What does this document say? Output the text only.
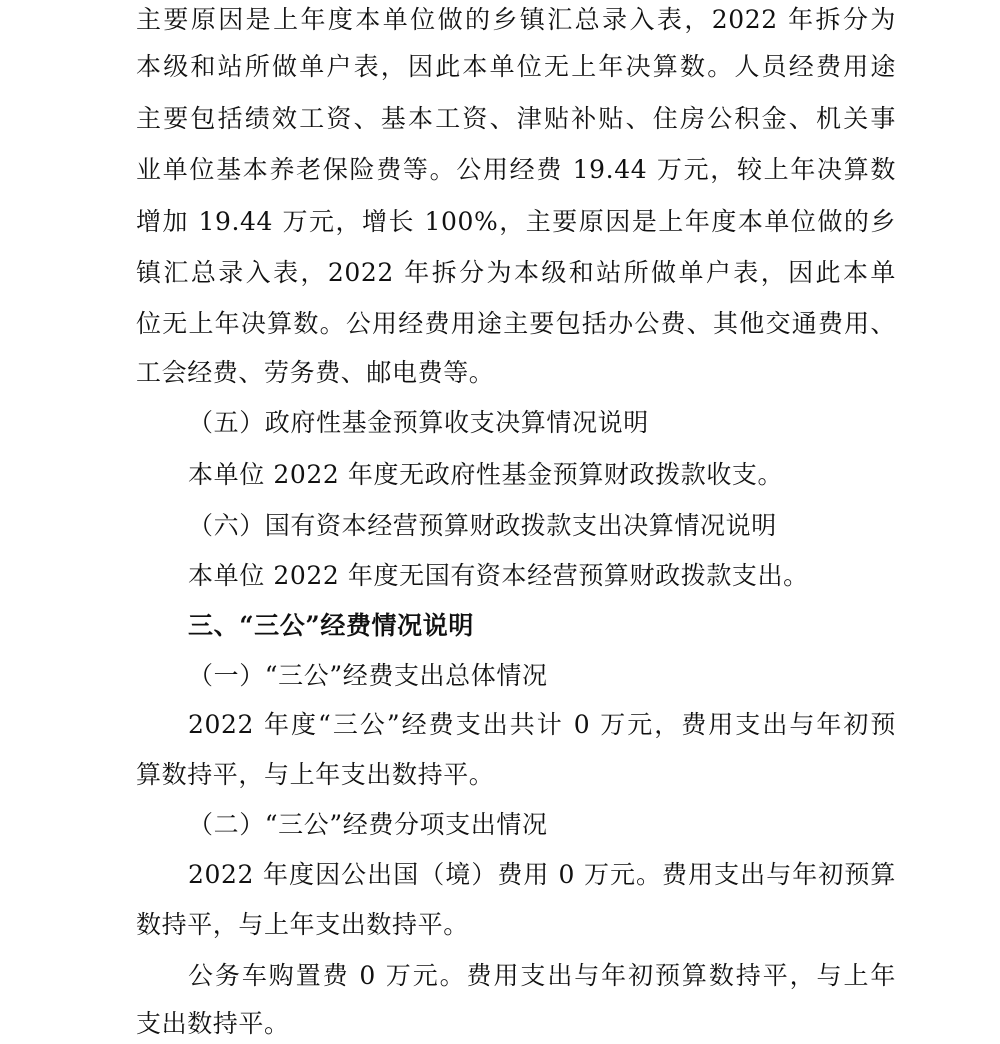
主要原因是上年度本单位做的乡镇汇总录入表，2022 年拆分为
本级和站所做单户表，因此本单位无上年决算数。人员经费用途
主要包括绩效工资、基本工资、津贴补贴、住房公积金、机关事
业单位基本养老保险费等。公用经费 19.44 万元，较上年决算数
增加 19.44 万元，增长 100%，主要原因是上年度本单位做的乡
镇汇总录入表，2022 年拆分为本级和站所做单户表，因此本单
位无上年决算数。公用经费用途主要包括办公费、其他交通费用、
工会经费、劳务费、邮电费等。
（五）政府性基金预算收支决算情况说明
本单位 2022 年度无政府性基金预算财政拨款收支。
（六）国有资本经营预算财政拨款支出决算情况说明
本单位 2022 年度无国有资本经营预算财政拨款支出。
三、“三公”经费情况说明
（一）“三公”经费支出总体情况
2022 年度“三公”经费支出共计 0 万元，费用支出与年初预
算数持平，与上年支出数持平。
（二）“三公”经费分项支出情况
2022 年度因公出国（境）费用 0 万元。费用支出与年初预算
数持平，与上年支出数持平。
公务车购置费 0 万元。费用支出与年初预算数持平，与上年
支出数持平。
